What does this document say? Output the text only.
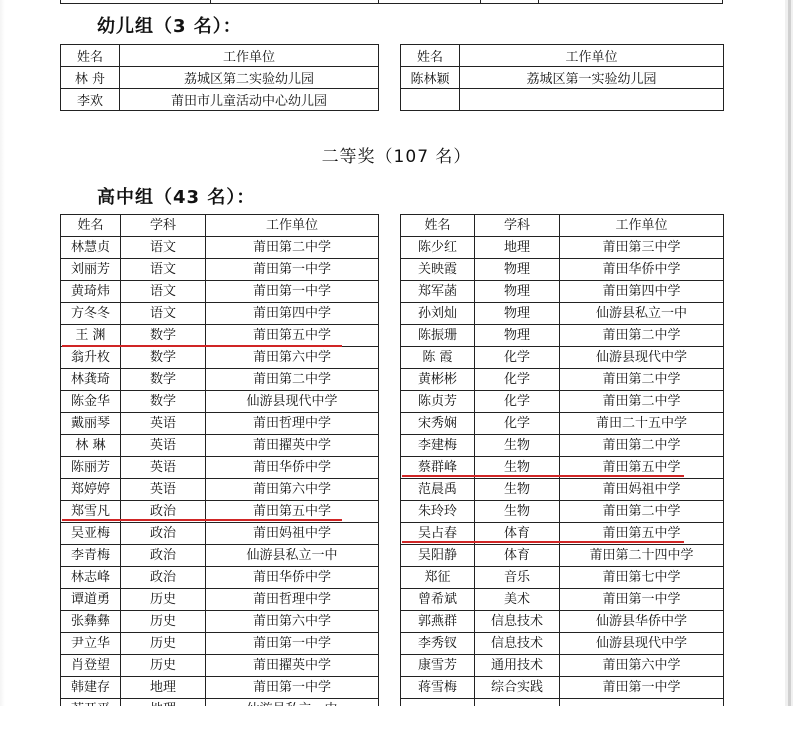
幼儿组（3 名）：
姓名	工作单位		姓名	工作单位
林 舟	荔城区第二实验幼儿园		陈林颖	荔城区第一实验幼儿园
李欢	莆田市儿童活动中心幼儿园			
二等奖（107 名）
高中组（43 名）：
姓名	学科	工作单位		姓名	学科	工作单位
林慧贞	语文	莆田第二中学		陈少红	地理	莆田第三中学
刘丽芳	语文	莆田第一中学		关映霞	物理	莆田华侨中学
黄琦炜	语文	莆田第一中学		郑军菡	物理	莆田第四中学
方冬冬	语文	莆田第四中学		孙刘灿	物理	仙游县私立一中
王 渊	数学	莆田第五中学		陈振珊	物理	莆田第二中学
翁升枚	数学	莆田第六中学		陈 霞	化学	仙游县现代中学
林龚琦	数学	莆田第二中学		黄彬彬	化学	莆田第二中学
陈金华	数学	仙游县现代中学		陈贞芳	化学	莆田第二中学
戴丽琴	英语	莆田哲理中学		宋秀娴	化学	莆田二十五中学
林 琳	英语	莆田擢英中学		李建梅	生物	莆田第二中学
陈丽芳	英语	莆田华侨中学		蔡群峰	生物	莆田第五中学
郑婷婷	英语	莆田第六中学		范晨禹	生物	莆田妈祖中学
郑雪凡	政治	莆田第五中学		朱玲玲	生物	莆田第二中学
吴亚梅	政治	莆田妈祖中学		吴占春	体育	莆田第五中学
李青梅	政治	仙游县私立一中		吴阳静	体育	莆田第二十四中学
林志峰	政治	莆田华侨中学		郑征	音乐	莆田第七中学
谭道勇	历史	莆田哲理中学		曾希斌	美术	莆田第一中学
张彝彝	历史	莆田第六中学		郭燕群	信息技术	仙游县华侨中学
尹立华	历史	莆田第一中学		李秀钗	信息技术	仙游县现代中学
肖登望	历史	莆田擢英中学		康雪芳	通用技术	莆田第六中学
韩建存	地理	莆田第一中学		蒋雪梅	综合实践	莆田第一中学
